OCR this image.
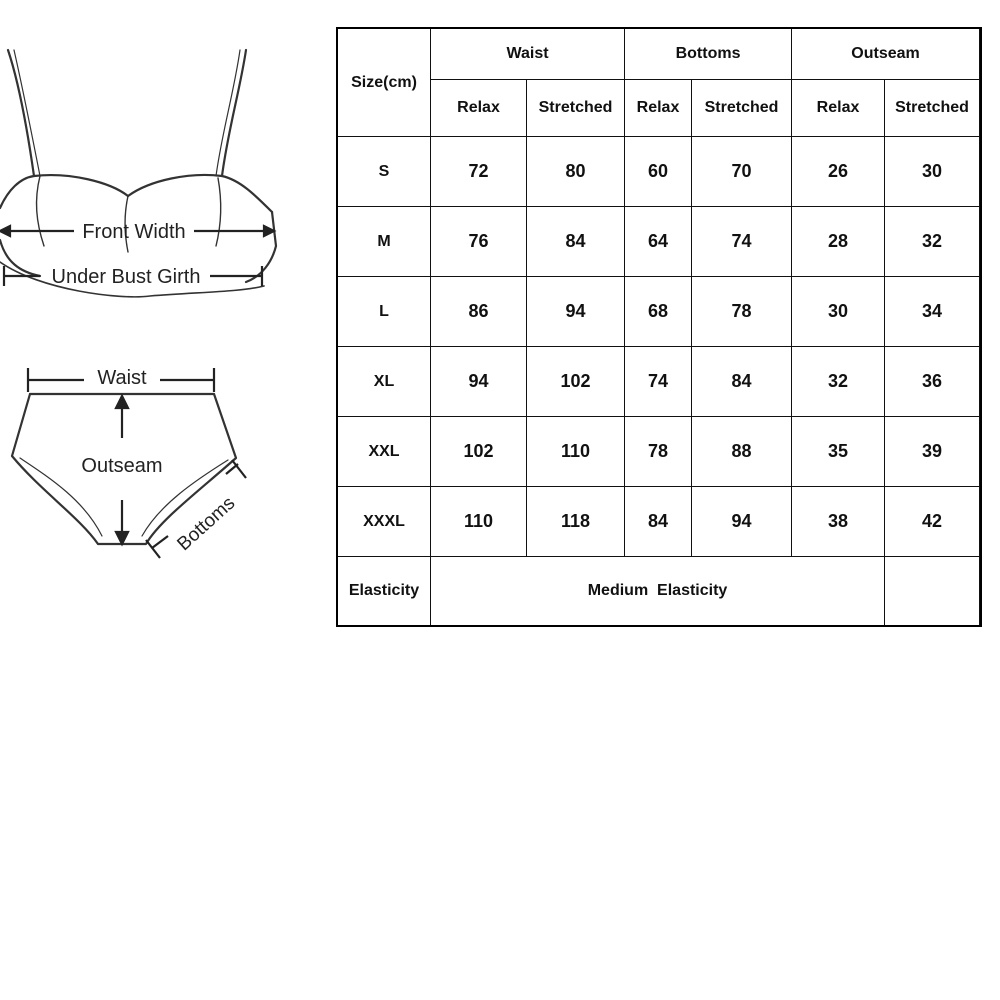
Front Width
Under Bust Girth
Waist
Outseam
Bottoms
Size(cm)	Waist		Bottoms		Outseam	
	Relax	Stretched	Relax	Stretched	Relax	Stretched
S	72	80	60	70	26	30
M	76	84	64	74	28	32
L	86	94	68	78	30	34
XL	94	102	74	84	32	36
XXL	102	110	78	88	35	39
XXXL	110	118	84	94	38	42
Elasticity	Medium  Elasticity					
